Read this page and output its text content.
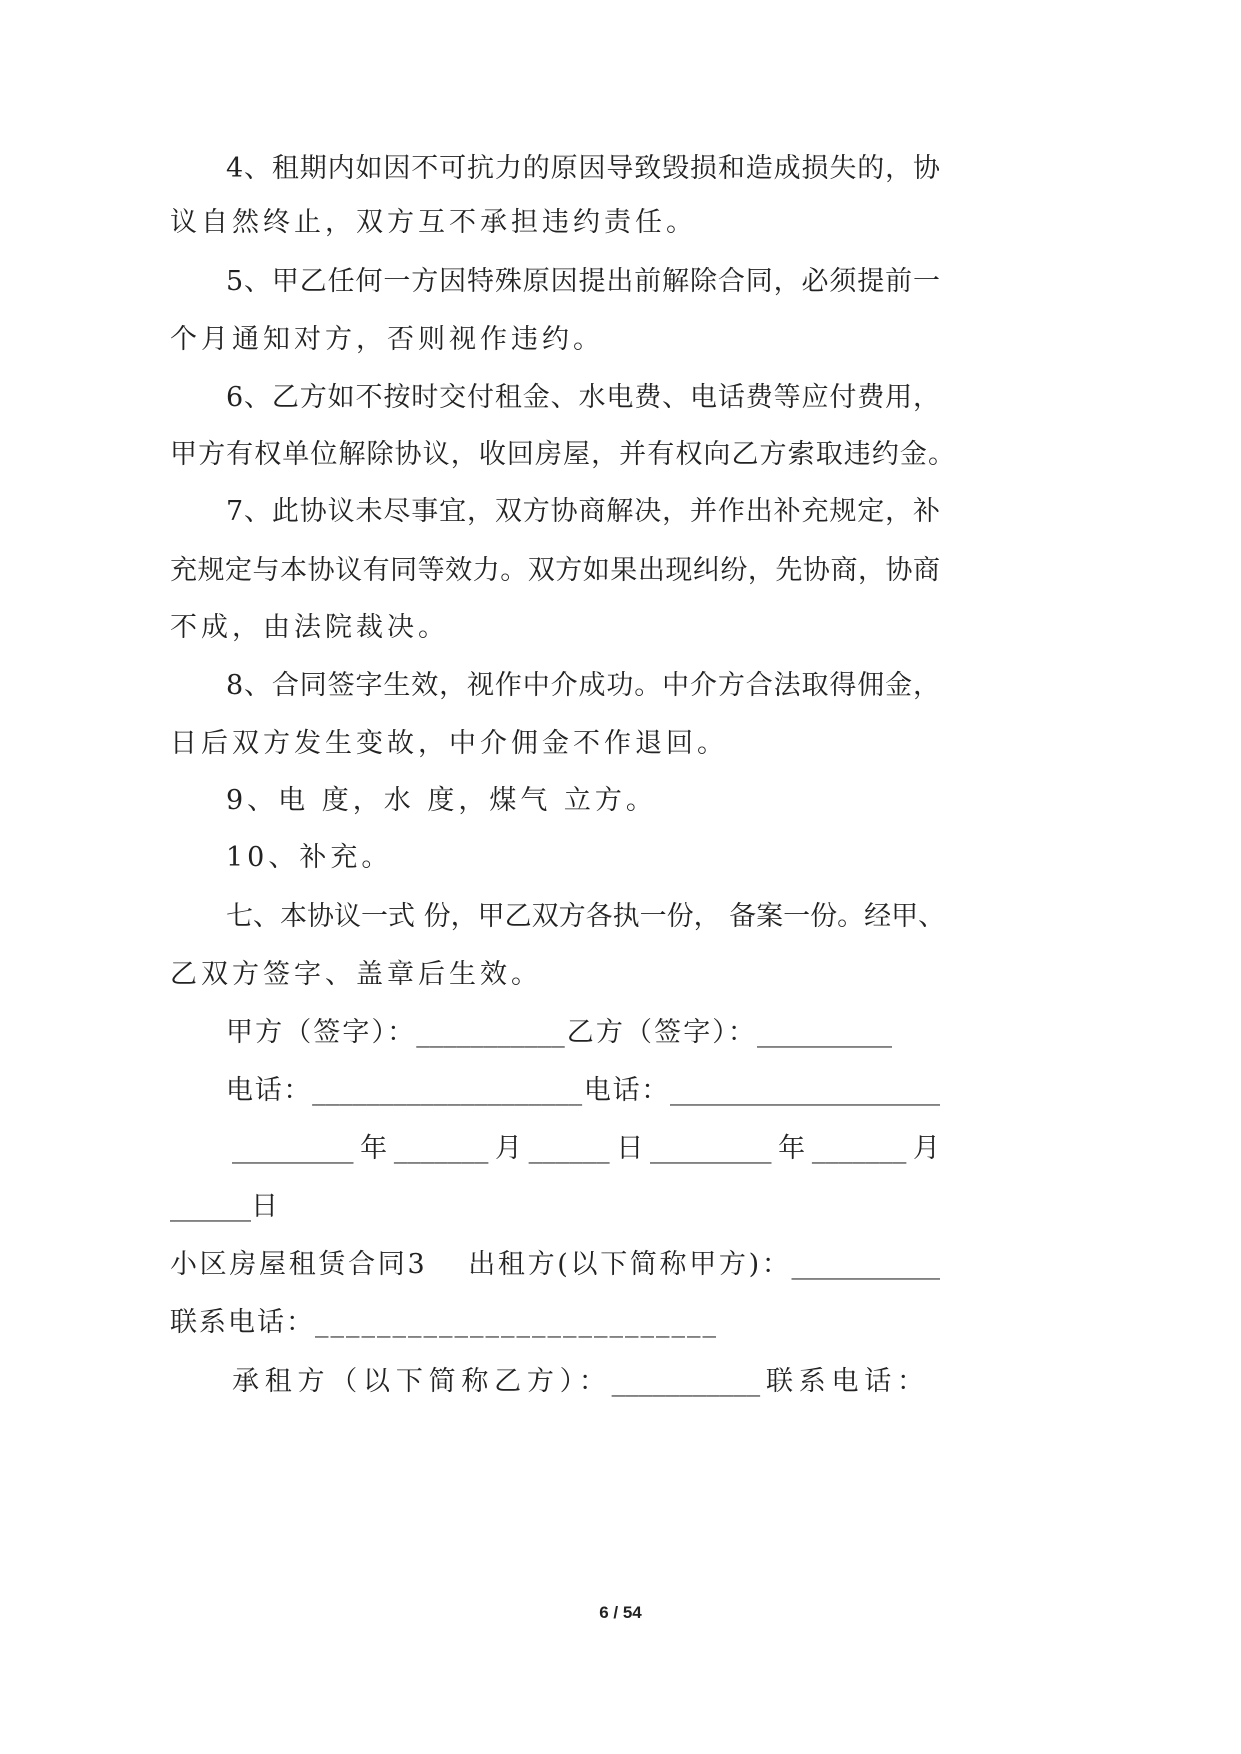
4、租期内如因不可抗力的原因导致毁损和造成损失的，协
议自然终止，双方互不承担违约责任。
5、甲乙任何一方因特殊原因提出前解除合同，必须提前一
个月通知对方，否则视作违约。
6、乙方如不按时交付租金、水电费、电话费等应付费用，
甲方有权单位解除协议，收回房屋，并有权向乙方索取违约金。
7、此协议未尽事宜，双方协商解决，并作出补充规定，补
充规定与本协议有同等效力。双方如果出现纠纷，先协商，协商
不成，由法院裁决。
8、合同签字生效，视作中介成功。中介方合法取得佣金，
日后双方发生变故，中介佣金不作退回。
9、电 度，水 度，煤气 立方。
10、补充。
七、本协议一式 份，甲乙双方各执一份， 备案一份。经甲、
乙双方签字、盖章后生效。
甲方（签字）：___________乙方（签字）：__________
电话：____________________电话：____________________
_________年_______月______日_________年_______月
______日
小区房屋租赁合同3　 出租方(以下简称甲方)：___________
联系电话：__________________________
承租方（以下简称乙方）：___________联系电话：
6 / 54
